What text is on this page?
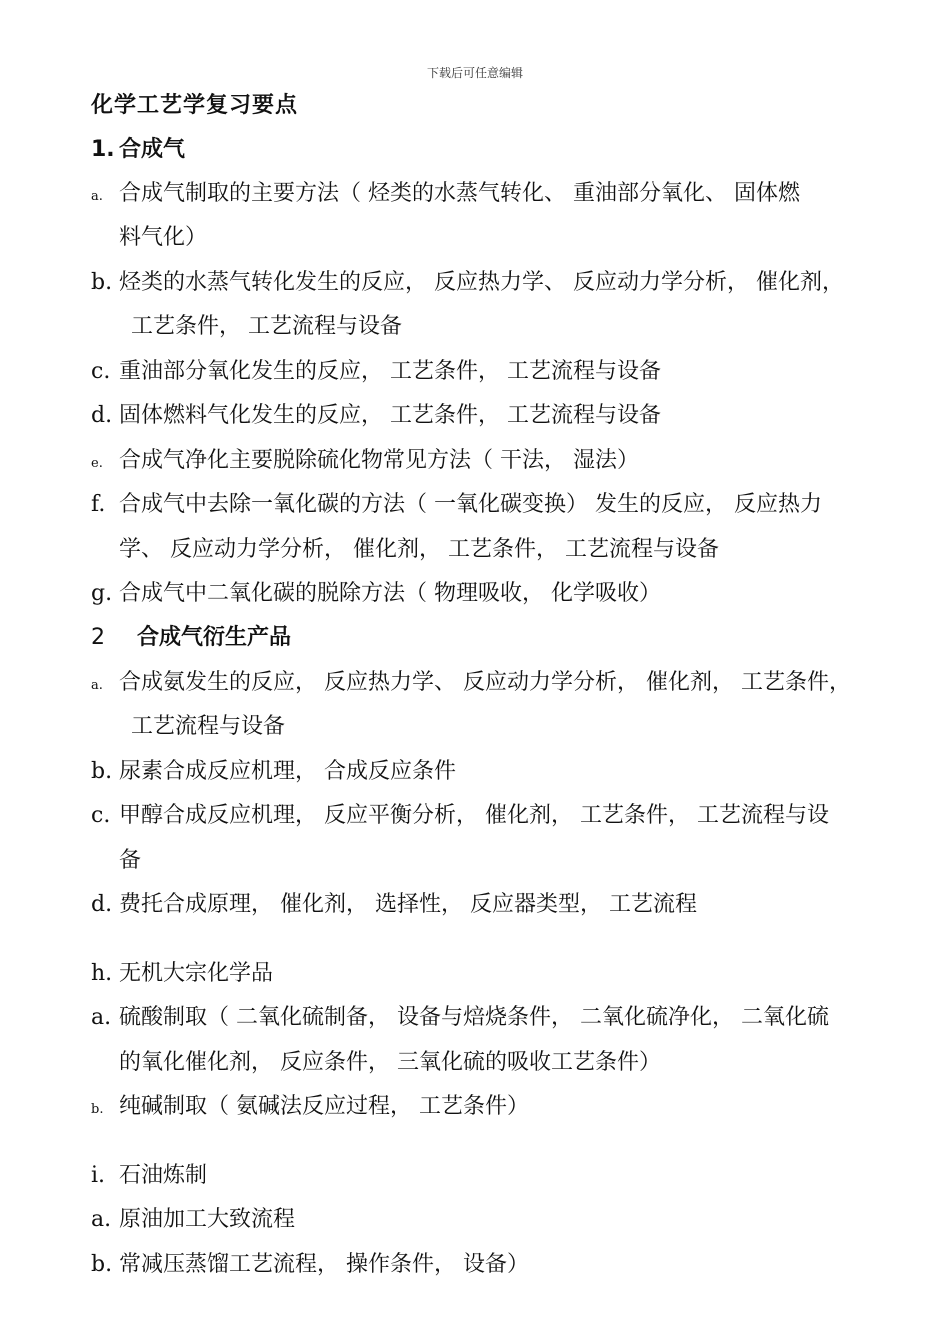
下载后可任意编辑
化学工艺学复习要点
1. 合成气
a. 合成气制取的主要方法（ 烃类的水蒸气转化、 重油部分氧化、 固体燃
料气化）
b. 烃类的水蒸气转化发生的反应， 反应热力学、 反应动力学分析， 催化剂，
工艺条件， 工艺流程与设备
c. 重油部分氧化发生的反应， 工艺条件， 工艺流程与设备
d. 固体燃料气化发生的反应， 工艺条件， 工艺流程与设备
e. 合成气净化主要脱除硫化物常见方法（ 干法， 湿法）
f. 合成气中去除一氧化碳的方法（ 一氧化碳变换） 发生的反应， 反应热力
学、 反应动力学分析， 催化剂， 工艺条件， 工艺流程与设备
g. 合成气中二氧化碳的脱除方法（ 物理吸收， 化学吸收）
2 合成气衍生产品
a. 合成氨发生的反应， 反应热力学、 反应动力学分析， 催化剂， 工艺条件，
工艺流程与设备
b. 尿素合成反应机理， 合成反应条件
c. 甲醇合成反应机理， 反应平衡分析， 催化剂， 工艺条件， 工艺流程与设
备
d. 费托合成原理， 催化剂， 选择性， 反应器类型， 工艺流程
h. 无机大宗化学品
a. 硫酸制取（ 二氧化硫制备， 设备与焙烧条件， 二氧化硫净化， 二氧化硫
的氧化催化剂， 反应条件， 三氧化硫的吸收工艺条件）
b. 纯碱制取（ 氨碱法反应过程， 工艺条件）
i. 石油炼制
a. 原油加工大致流程
b. 常减压蒸馏工艺流程， 操作条件， 设备）
